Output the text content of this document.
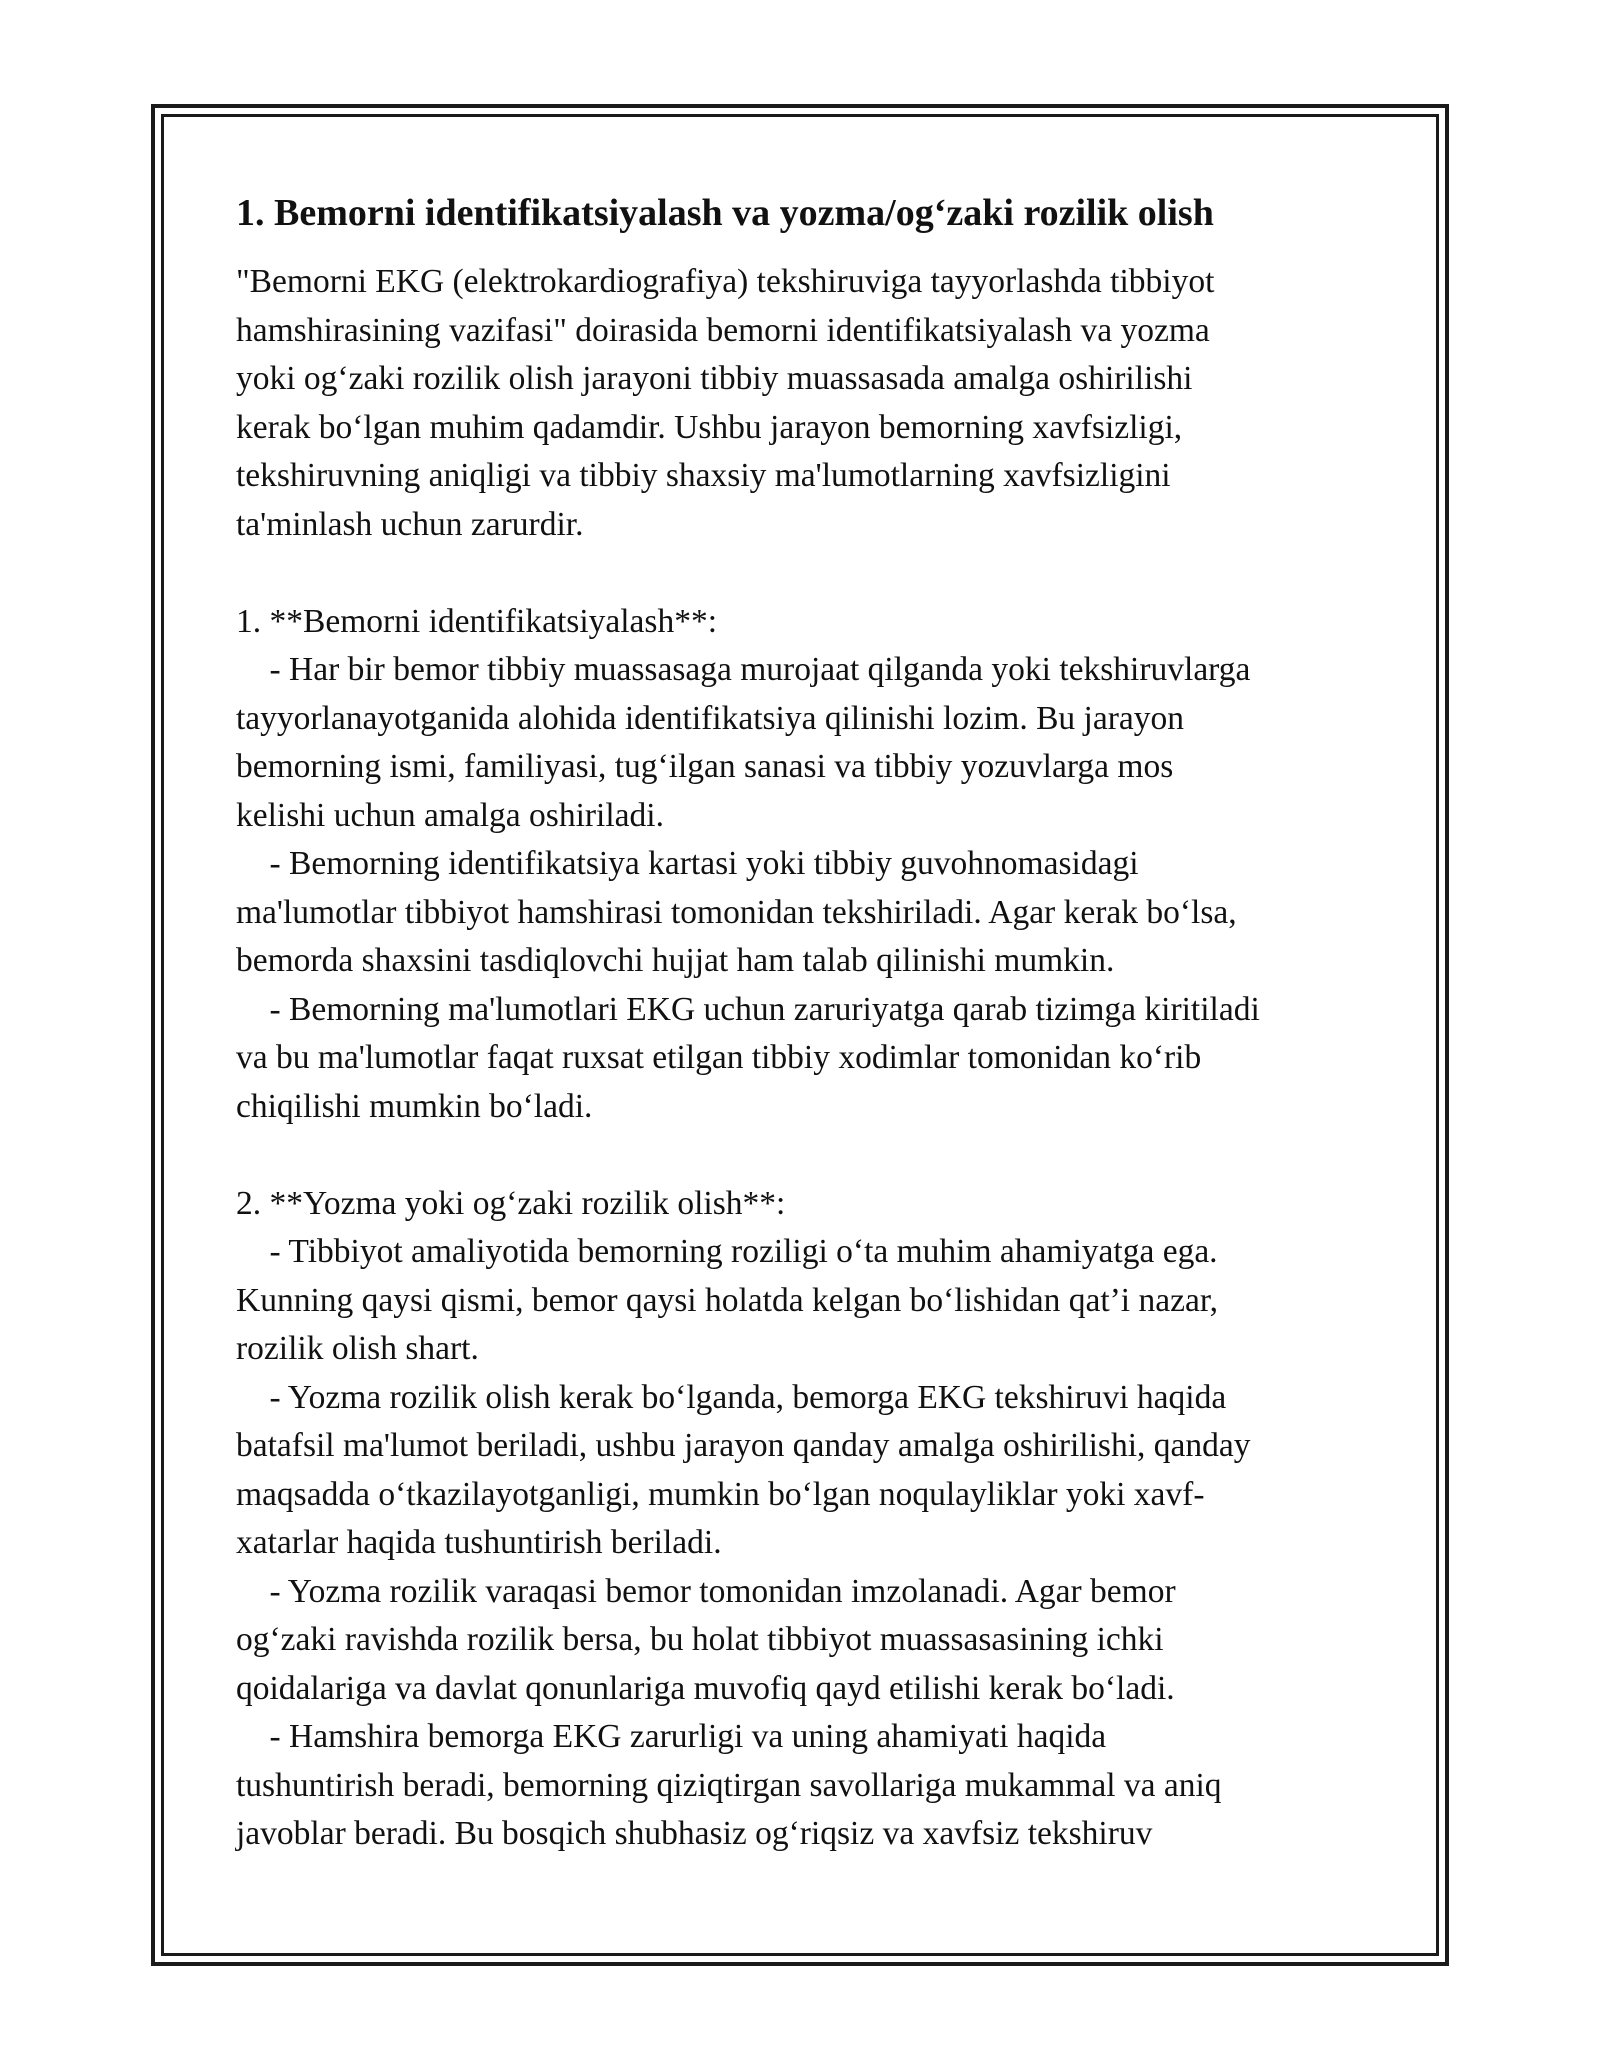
1. Bemorni identifikatsiyalash va yozma/og‘zaki rozilik olish
"Bemorni EKG (elektrokardiografiya) tekshiruviga tayyorlashda tibbiyot
hamshirasining vazifasi" doirasida bemorni identifikatsiyalash va yozma
yoki og‘zaki rozilik olish jarayoni tibbiy muassasada amalga oshirilishi
kerak bo‘lgan muhim qadamdir. Ushbu jarayon bemorning xavfsizligi,
tekshiruvning aniqligi va tibbiy shaxsiy ma'lumotlarning xavfsizligini
ta'minlash uchun zarurdir.
1. **Bemorni identifikatsiyalash**:
- Har bir bemor tibbiy muassasaga murojaat qilganda yoki tekshiruvlarga
tayyorlanayotganida alohida identifikatsiya qilinishi lozim. Bu jarayon
bemorning ismi, familiyasi, tug‘ilgan sanasi va tibbiy yozuvlarga mos
kelishi uchun amalga oshiriladi.
- Bemorning identifikatsiya kartasi yoki tibbiy guvohnomasidagi
ma'lumotlar tibbiyot hamshirasi tomonidan tekshiriladi. Agar kerak bo‘lsa,
bemorda shaxsini tasdiqlovchi hujjat ham talab qilinishi mumkin.
- Bemorning ma'lumotlari EKG uchun zaruriyatga qarab tizimga kiritiladi
va bu ma'lumotlar faqat ruxsat etilgan tibbiy xodimlar tomonidan ko‘rib
chiqilishi mumkin bo‘ladi.
2. **Yozma yoki og‘zaki rozilik olish**:
- Tibbiyot amaliyotida bemorning roziligi o‘ta muhim ahamiyatga ega.
Kunning qaysi qismi, bemor qaysi holatda kelgan bo‘lishidan qat’i nazar,
rozilik olish shart.
- Yozma rozilik olish kerak bo‘lganda, bemorga EKG tekshiruvi haqida
batafsil ma'lumot beriladi, ushbu jarayon qanday amalga oshirilishi, qanday
maqsadda o‘tkazilayotganligi, mumkin bo‘lgan noqulayliklar yoki xavf-
xatarlar haqida tushuntirish beriladi.
- Yozma rozilik varaqasi bemor tomonidan imzolanadi. Agar bemor
og‘zaki ravishda rozilik bersa, bu holat tibbiyot muassasasining ichki
qoidalariga va davlat qonunlariga muvofiq qayd etilishi kerak bo‘ladi.
- Hamshira bemorga EKG zarurligi va uning ahamiyati haqida
tushuntirish beradi, bemorning qiziqtirgan savollariga mukammal va aniq
javoblar beradi. Bu bosqich shubhasiz og‘riqsiz va xavfsiz tekshiruv
